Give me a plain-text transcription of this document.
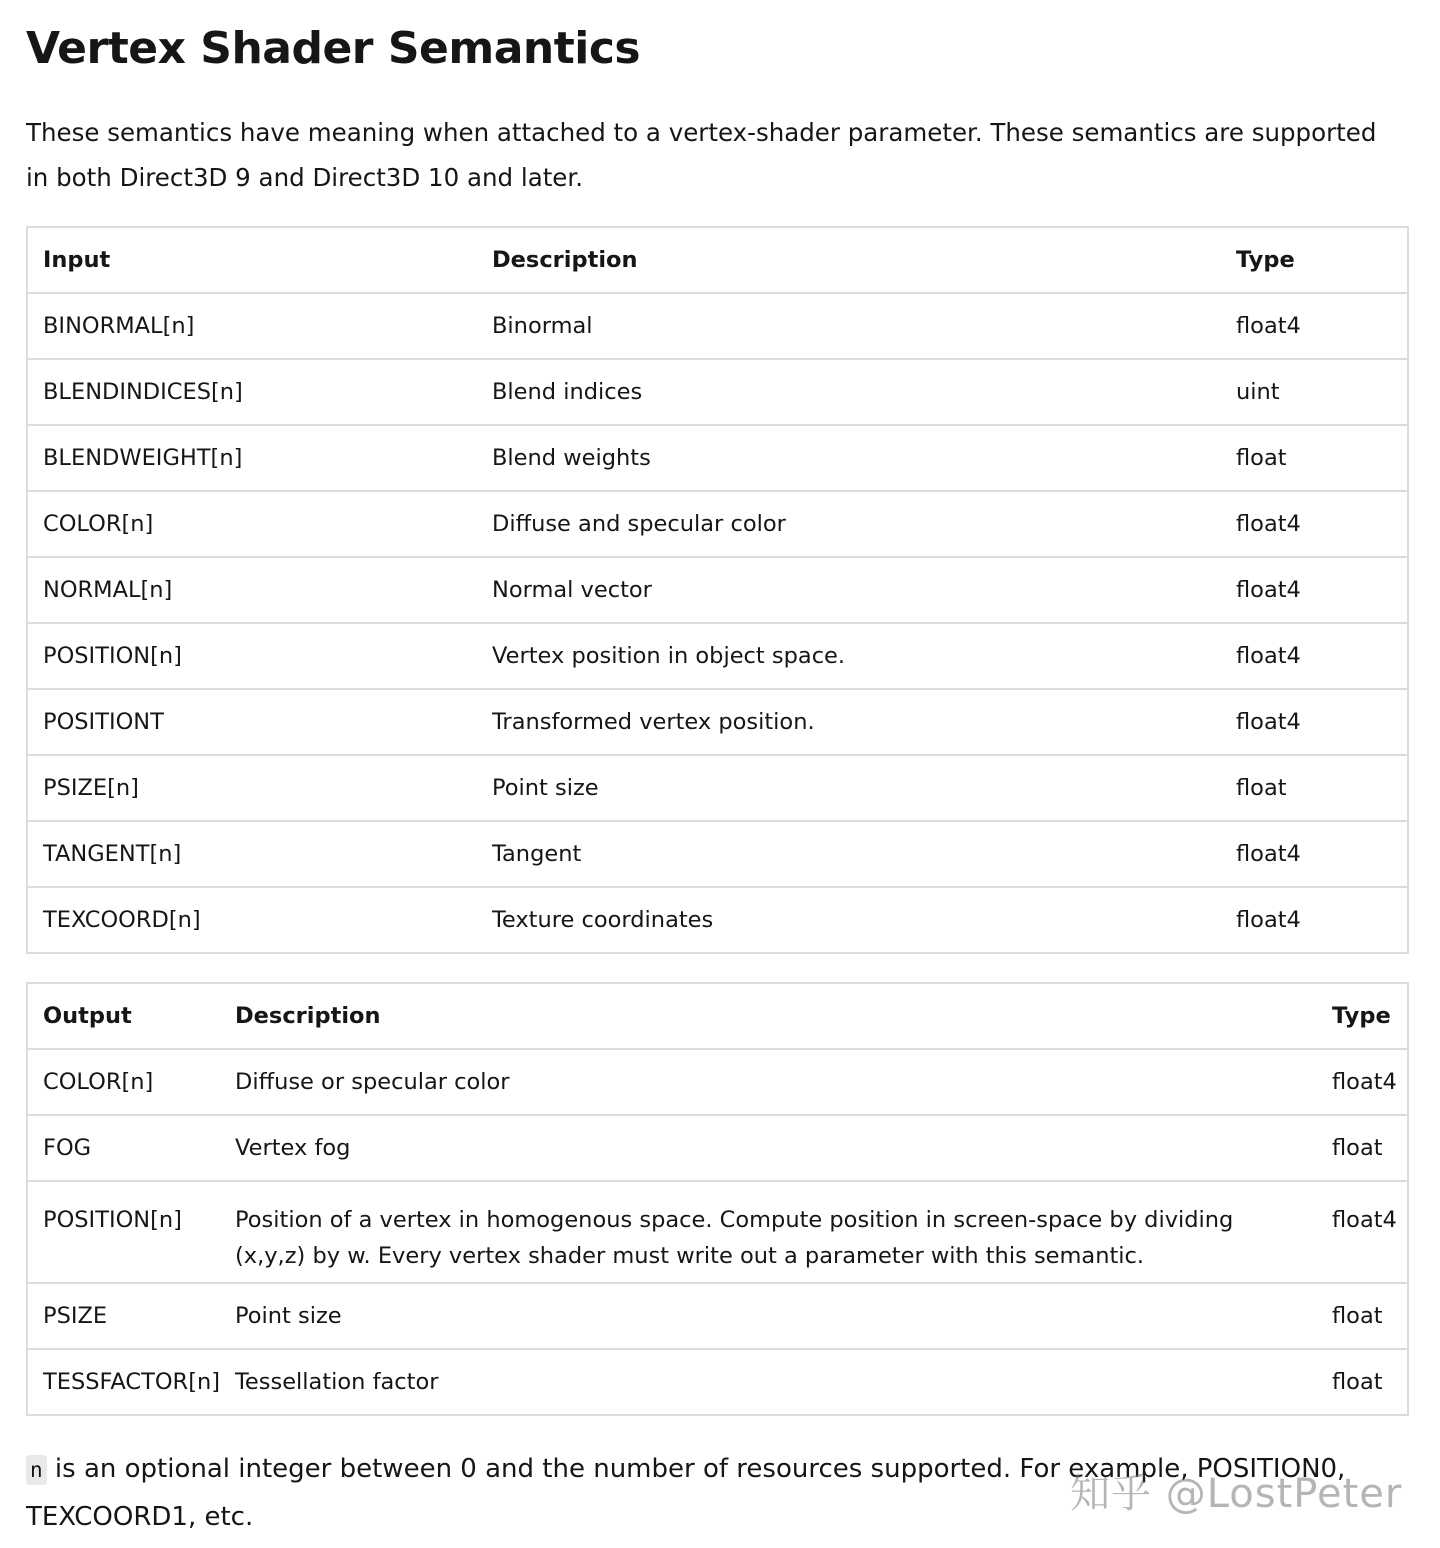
Vertex Shader Semantics

These semantics have meaning when attached to a vertex-shader parameter. These semantics are supported in both Direct3D 9 and Direct3D 10 and later.

Input	Description	Type
BINORMAL[n]	Binormal	float4
BLENDINDICES[n]	Blend indices	uint
BLENDWEIGHT[n]	Blend weights	float
COLOR[n]	Diffuse and specular color	float4
NORMAL[n]	Normal vector	float4
POSITION[n]	Vertex position in object space.	float4
POSITIONT	Transformed vertex position.	float4
PSIZE[n]	Point size	float
TANGENT[n]	Tangent	float4
TEXCOORD[n]	Texture coordinates	float4
Output	Description	Type
COLOR[n]	Diffuse or specular color	float4
FOG	Vertex fog	float
POSITION[n]	Position of a vertex in homogenous space. Compute position in screen-space by dividing (x,y,z) by w. Every vertex shader must write out a parameter with this semantic.	float4
PSIZE	Point size	float
TESSFACTOR[n]	Tessellation factor	float

n is an optional integer between 0 and the number of resources supported. For example, POSITION0, TEXCOORD1, etc.	知乎 @LostPeter
